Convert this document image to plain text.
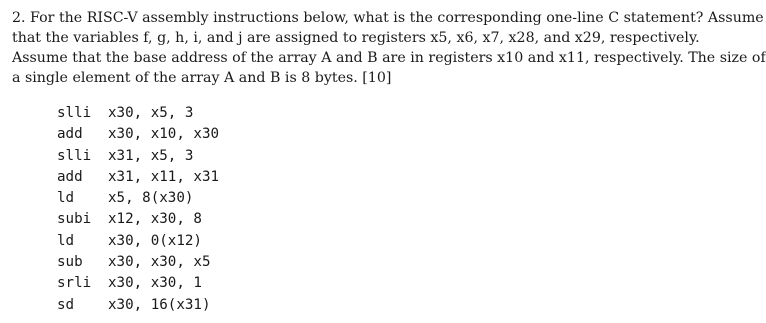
2. For the RISC-V assembly instructions below, what is the corresponding one-line C statement? Assume
that the variables f, g, h, i, and j are assigned to registers x5, x6, x7, x28, and x29, respectively.
Assume that the base address of the array A and B are in registers x10 and x11, respectively. The size of
a single element of the array A and B is 8 bytes. [10]

slli	x30, x5, 3
add	x30, x10, x30
slli	x31, x5, 3
add	x31, x11, x31
ld	x5, 8(x30)
subi	x12, x30, 8
ld	x30, 0(x12)
sub	x30, x30, x5
srli	x30, x30, 1
sd	x30, 16(x31)
